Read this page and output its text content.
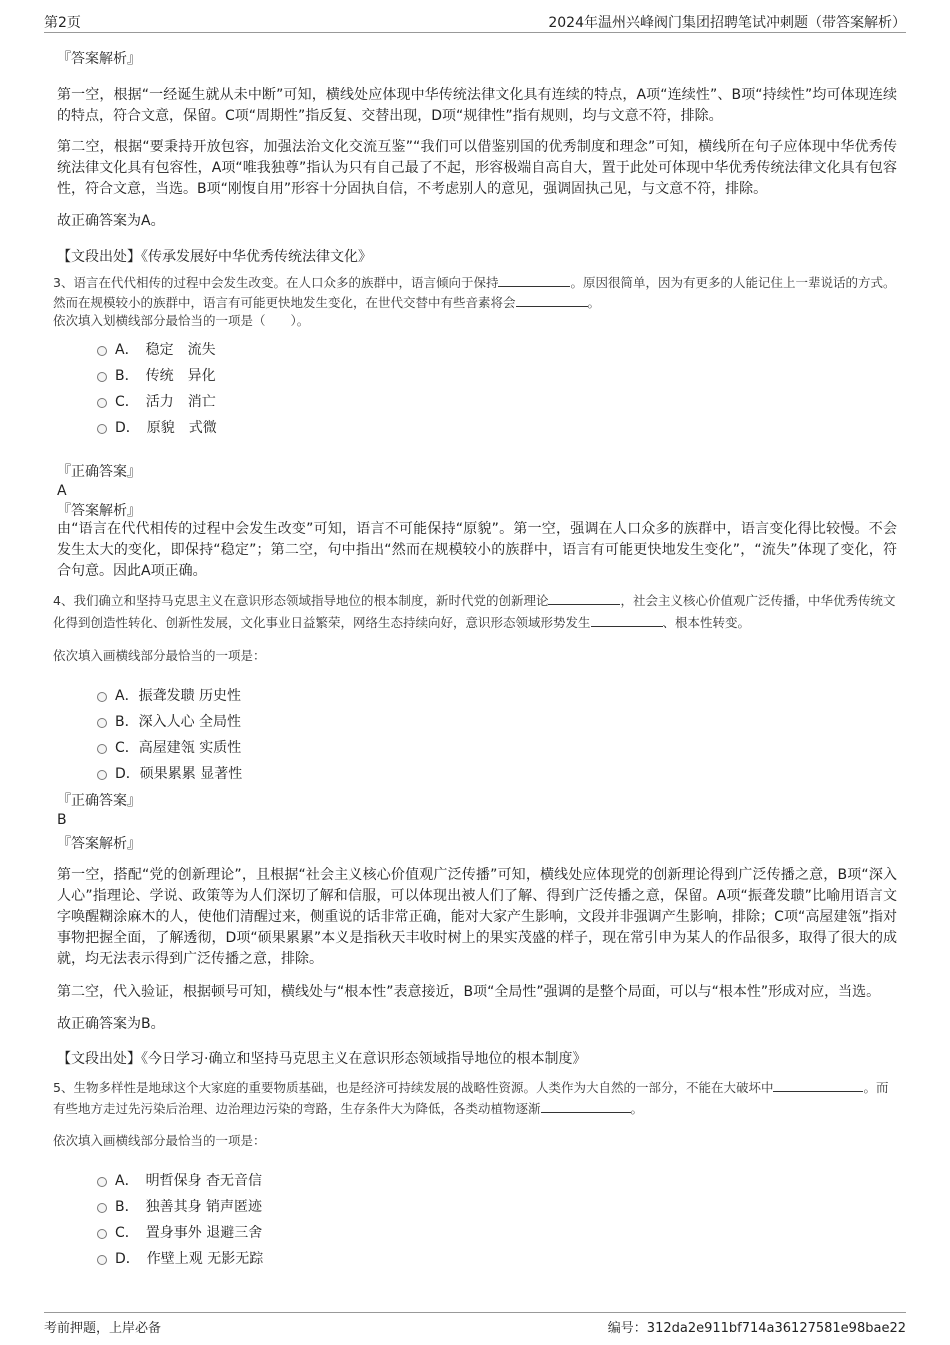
第2页	2024年温州兴峰阀门集团招聘笔试冲刺题（带答案解析）

『答案解析』

第一空，根据“一经诞生就从未中断”可知，横线处应体现中华传统法律文化具有连续的特点，A项“连续性”、B项“持续性”均可体现连续的特点，符合文意，保留。C项“周期性”指反复、交替出现，D项“规律性”指有规则，均与文意不符，排除。

第二空，根据“要秉持开放包容，加强法治文化交流互鉴”“我们可以借鉴别国的优秀制度和理念”可知，横线所在句子应体现中华优秀传统法律文化具有包容性，A项“唯我独尊”指认为只有自己最了不起，形容极端自高自大，置于此处可体现中华优秀传统法律文化具有包容性，符合文意，当选。B项“刚愎自用”形容十分固执自信，不考虑别人的意见，强调固执己见，与文意不符，排除。

故正确答案为A。

【文段出处】《传承发展好中华优秀传统法律文化》

3、语言在代代相传的过程中会发生改变。在人口众多的族群中，语言倾向于保持	。原因很简单，因为有更多的人能记住上一辈说话的方式。然而在规模较小的族群中，语言有可能更快地发生变化，在世代交替中有些音素将会	。

依次填入划横线部分最恰当的一项是（　　）。

A．　稳定　流失
B．　传统　异化
C．　活力　消亡
D．　原貌　式微

『正确答案』

A

『答案解析』

由“语言在代代相传的过程中会发生改变”可知，语言不可能保持“原貌”。第一空，强调在人口众多的族群中，语言变化得比较慢。不会发生太大的变化，即保持“稳定”；第二空，句中指出“然而在规模较小的族群中，语言有可能更快地发生变化”，“流失”体现了变化，符合句意。因此A项正确。

4、我们确立和坚持马克思主义在意识形态领域指导地位的根本制度，新时代党的创新理论	，社会主义核心价值观广泛传播，中华优秀传统文化得到创造性转化、创新性发展，文化事业日益繁荣，网络生态持续向好，意识形态领域形势发生	、根本性转变。

依次填入画横线部分最恰当的一项是：

A．振聋发聩 历史性
B．深入人心 全局性
C．高屋建瓴 实质性
D．硕果累累 显著性

『正确答案』

B

『答案解析』

第一空，搭配“党的创新理论”，且根据“社会主义核心价值观广泛传播”可知，横线处应体现党的创新理论得到广泛传播之意，B项“深入人心”指理论、学说、政策等为人们深切了解和信服，可以体现出被人们了解、得到广泛传播之意，保留。A项“振聋发聩”比喻用语言文字唤醒糊涂麻木的人，使他们清醒过来，侧重说的话非常正确，能对大家产生影响，文段并非强调产生影响，排除；C项“高屋建瓴”指对事物把握全面，了解透彻，D项“硕果累累”本义是指秋天丰收时树上的果实茂盛的样子，现在常引申为某人的作品很多，取得了很大的成就，均无法表示得到广泛传播之意，排除。

第二空，代入验证，根据顿号可知，横线处与“根本性”表意接近，B项“全局性”强调的是整个局面，可以与“根本性”形成对应，当选。

故正确答案为B。

【文段出处】《今日学习·确立和坚持马克思主义在意识形态领域指导地位的根本制度》

5、生物多样性是地球这个大家庭的重要物质基础，也是经济可持续发展的战略性资源。人类作为大自然的一部分，不能在大破坏中	。而有些地方走过先污染后治理、边治理边污染的弯路，生存条件大为降低，各类动植物逐渐	。

依次填入画横线部分最恰当的一项是：

A．　明哲保身 杳无音信
B．　独善其身 销声匿迹
C．　置身事外 退避三舍
D．　作壁上观 无影无踪
考前押题，上岸必备	编号：312da2e911bf714a36127581e98bae22
